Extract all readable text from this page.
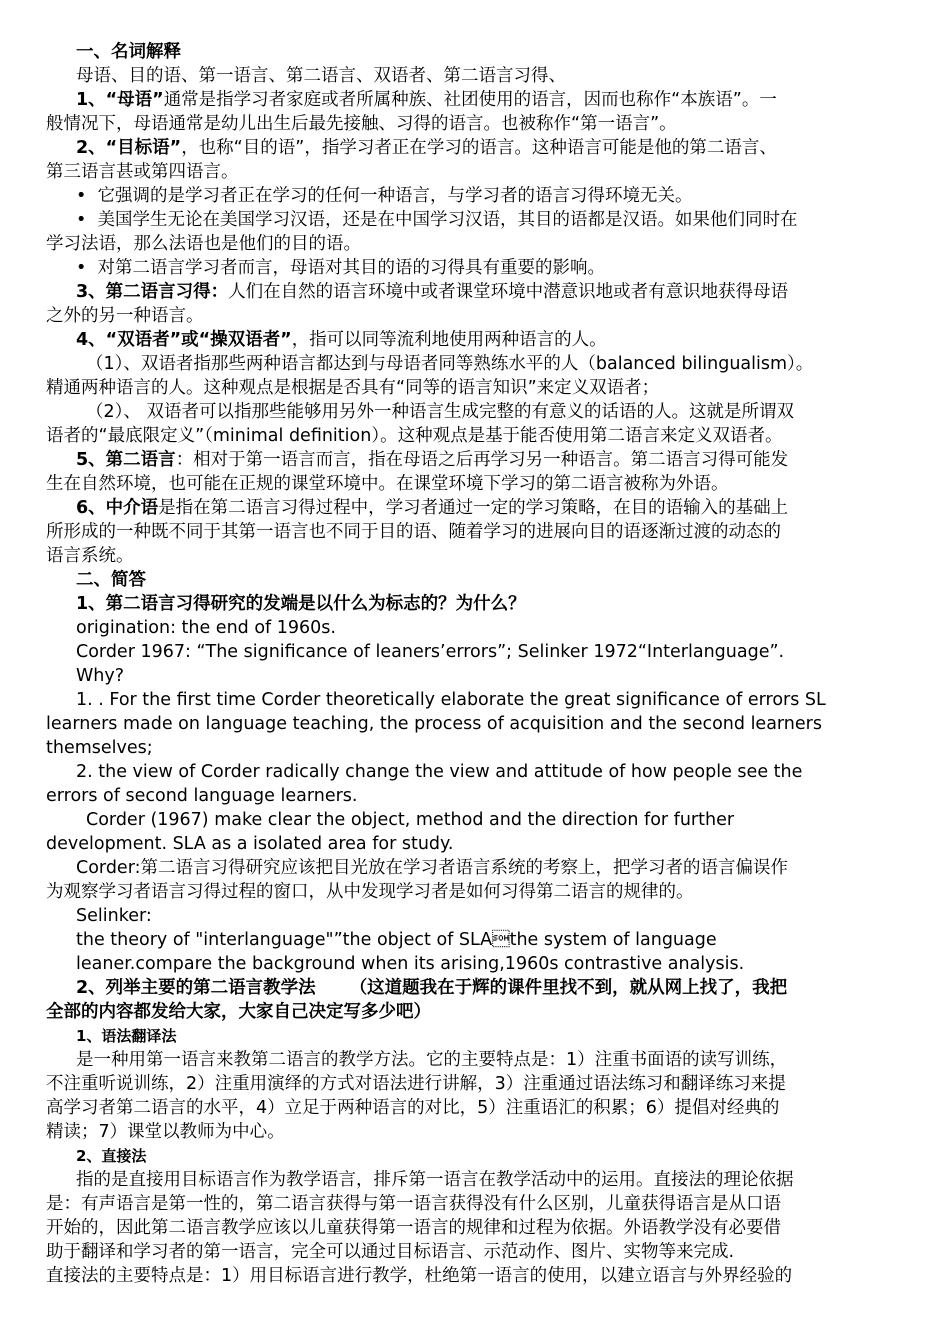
一、名词解释
母语、目的语、第一语言、第二语言、双语者、第二语言习得、
1、“母语”通常是指学习者家庭或者所属种族、社团使用的语言，因而也称作“本族语”。一
般情况下，母语通常是幼儿出生后最先接触、习得的语言。也被称作“第一语言”。
2、“目标语”，也称“目的语”，指学习者正在学习的语言。这种语言可能是他的第二语言、
第三语言甚或第四语言。
•  它强调的是学习者正在学习的任何一种语言，与学习者的语言习得环境无关。
•  美国学生无论在美国学习汉语，还是在中国学习汉语，其目的语都是汉语。如果他们同时在
学习法语，那么法语也是他们的目的语。
•  对第二语言学习者而言，母语对其目的语的习得具有重要的影响。
3、第二语言习得：人们在自然的语言环境中或者课堂环境中潜意识地或者有意识地获得母语
之外的另一种语言。
4、“双语者”或“操双语者”，指可以同等流利地使用两种语言的人。
（1）、双语者指那些两种语言都达到与母语者同等熟练水平的人（balanced bilingualism）。
精通两种语言的人。这种观点是根据是否具有“同等的语言知识”来定义双语者；
（2）、 双语者可以指那些能够用另外一种语言生成完整的有意义的话语的人。这就是所谓双
语者的“最底限定义”（minimal definition）。这种观点是基于能否使用第二语言来定义双语者。
5、第二语言：相对于第一语言而言，指在母语之后再学习另一种语言。第二语言习得可能发
生在自然环境，也可能在正规的课堂环境中。在课堂环境下学习的第二语言被称为外语。
6、中介语是指在第二语言习得过程中，学习者通过一定的学习策略，在目的语输入的基础上
所形成的一种既不同于其第一语言也不同于目的语、随着学习的进展向目的语逐渐过渡的动态的
语言系统。
二、简答
1、第二语言习得研究的发端是以什么为标志的？为什么？
origination: the end of 1960s.
Corder 1967: “The significance of leaners’errors”; Selinker 1972“Interlanguage”.
Why?
1. . For the first time Corder theoretically elaborate the great significance of errors SL
learners made on language teaching, the process of acquisition and the second learners
themselves;
2. the view of Corder radically change the view and attitude of how people see the
errors of second language learners.
Corder (1967) make clear the object, method and the direction for further
development. SLA as a isolated area for study.
Corder:第二语言习得研究应该把目光放在学习者语言系统的考察上，把学习者的语言偏误作
为观察学习者语言习得过程的窗口，从中发现学习者是如何习得第二语言的规律的。
Selinker:
the theory of "interlanguage"”the object of SLAthe system of language
leaner.compare the background when its arising,1960s contrastive analysis.
2、列举主要的第二语言教学法 （这道题我在于辉的课件里找不到，就从网上找了，我把
全部的内容都发给大家，大家自己决定写多少吧）
1、语法翻译法
是一种用第一语言来教第二语言的教学方法。它的主要特点是：1）注重书面语的读写训练，
不注重听说训练，2）注重用演绎的方式对语法进行讲解，3）注重通过语法练习和翻译练习来提
高学习者第二语言的水平，4）立足于两种语言的对比，5）注重语汇的积累；6）提倡对经典的
精读；7）课堂以教师为中心。
2、直接法
指的是直接用目标语言作为教学语言，排斥第一语言在教学活动中的运用。直接法的理论依据
是：有声语言是第一性的，第二语言获得与第一语言获得没有什么区别，儿童获得语言是从口语
开始的，因此第二语言教学应该以儿童获得第一语言的规律和过程为依据。外语教学没有必要借
助于翻译和学习者的第一语言，完全可以通过目标语言、示范动作、图片、实物等来完成.
直接法的主要特点是：1）用目标语言进行教学，杜绝第一语言的使用，以建立语言与外界经验的
